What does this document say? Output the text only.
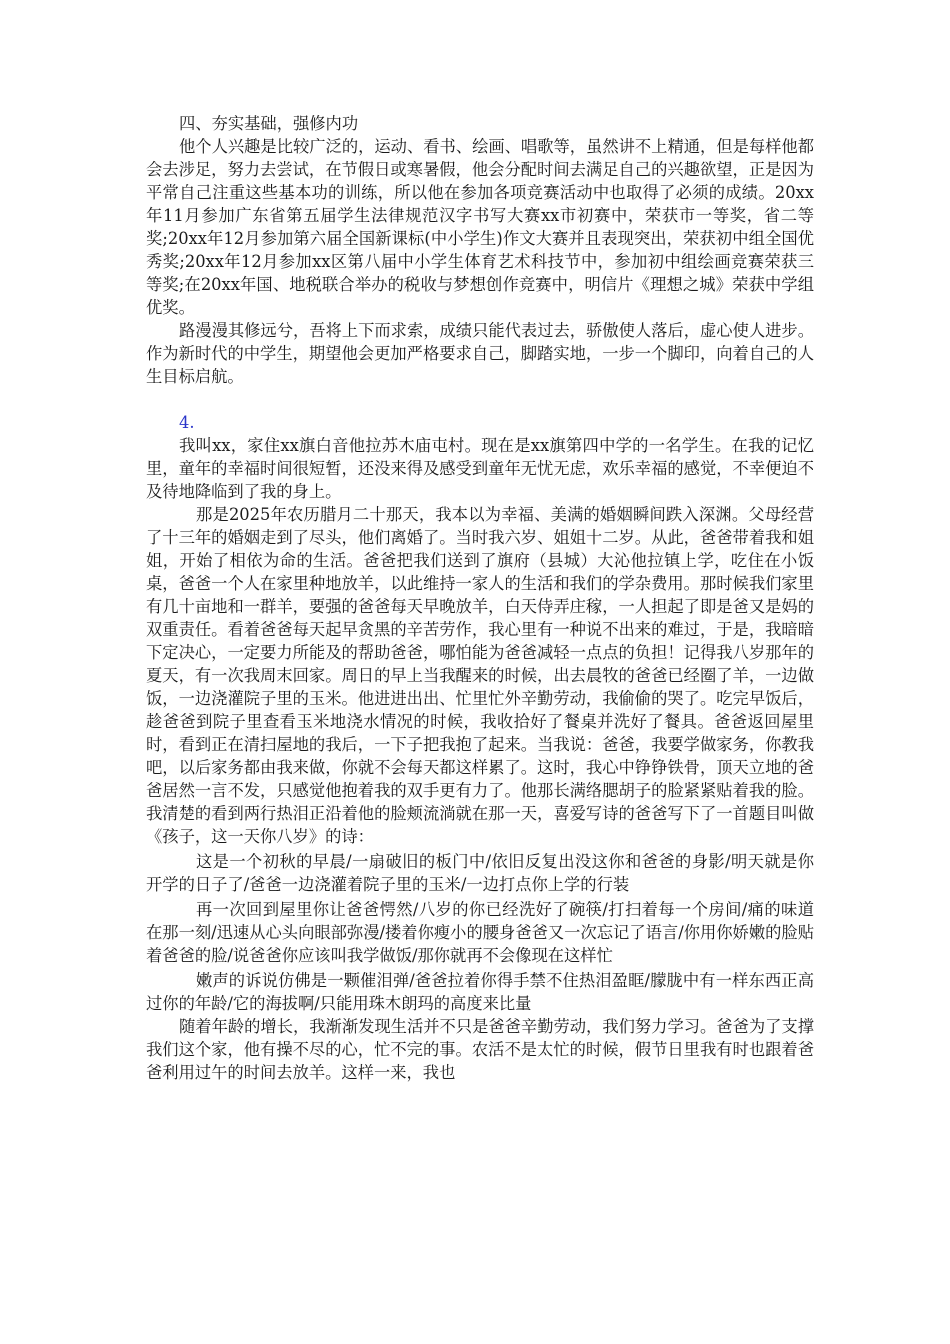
四、夯实基础，强修内功

他个人兴趣是比较广泛的，运动、看书、绘画、唱歌等，虽然讲不上精通，但是每样他都会去涉足，努力去尝试，在节假日或寒暑假，他会分配时间去满足自己的兴趣欲望，正是因为平常自己注重这些基本功的训练，所以他在参加各项竞赛活动中也取得了必须的成绩。20xx年11月参加广东省第五届学生法律规范汉字书写大赛xx市初赛中，荣获市一等奖，省二等奖;20xx年12月参加第六届全国新课标(中小学生)作文大赛并且表现突出，荣获初中组全国优秀奖;20xx年12月参加xx区第八届中小学生体育艺术科技节中，参加初中组绘画竞赛荣获三等奖;在20xx年国、地税联合举办的税收与梦想创作竞赛中，明信片《理想之城》荣获中学组优奖。

路漫漫其修远兮，吾将上下而求索，成绩只能代表过去，骄傲使人落后，虚心使人进步。作为新时代的中学生，期望他会更加严格要求自己，脚踏实地，一步一个脚印，向着自己的人生目标启航。

4.

我叫xx，家住xx旗白音他拉苏木庙屯村。现在是xx旗第四中学的一名学生。在我的记忆里，童年的幸福时间很短暂，还没来得及感受到童年无忧无虑，欢乐幸福的感觉，不幸便迫不及待地降临到了我的身上。

那是2025年农历腊月二十那天，我本以为幸福、美满的婚姻瞬间跌入深渊。父母经营了十三年的婚姻走到了尽头，他们离婚了。当时我六岁、姐姐十二岁。从此，爸爸带着我和姐姐，开始了相依为命的生活。爸爸把我们送到了旗府（县城）大沁他拉镇上学，吃住在小饭桌，爸爸一个人在家里种地放羊，以此维持一家人的生活和我们的学杂费用。那时候我们家里有几十亩地和一群羊，要强的爸爸每天早晚放羊，白天侍弄庄稼，一人担起了即是爸又是妈的双重责任。看着爸爸每天起早贪黑的辛苦劳作，我心里有一种说不出来的难过，于是，我暗暗下定决心，一定要力所能及的帮助爸爸，哪怕能为爸爸减轻一点点的负担！记得我八岁那年的夏天，有一次我周末回家。周日的早上当我醒来的时候，出去晨牧的爸爸已经圈了羊，一边做饭，一边浇灌院子里的玉米。他进进出出、忙里忙外辛勤劳动，我偷偷的哭了。吃完早饭后，趁爸爸到院子里查看玉米地浇水情况的时候，我收拾好了餐桌并洗好了餐具。爸爸返回屋里时，看到正在清扫屋地的我后，一下子把我抱了起来。当我说：爸爸，我要学做家务，你教我吧，以后家务都由我来做，你就不会每天都这样累了。这时，我心中铮铮铁骨，顶天立地的爸爸居然一言不发，只感觉他抱着我的双手更有力了。他那长满络腮胡子的脸紧紧贴着我的脸。我清楚的看到两行热泪正沿着他的脸颊流淌就在那一天，喜爱写诗的爸爸写下了一首题目叫做《孩子，这一天你八岁》的诗：

这是一个初秋的早晨/一扇破旧的板门中/依旧反复出没这你和爸爸的身影/明天就是你开学的日子了/爸爸一边浇灌着院子里的玉米/一边打点你上学的行装

再一次回到屋里你让爸爸愕然/八岁的你已经洗好了碗筷/打扫着每一个房间/痛的味道在那一刻/迅速从心头向眼部弥漫/搂着你瘦小的腰身爸爸又一次忘记了语言/你用你娇嫩的脸贴着爸爸的脸/说爸爸你应该叫我学做饭/那你就再不会像现在这样忙

嫩声的诉说仿佛是一颗催泪弹/爸爸拉着你得手禁不住热泪盈眶/朦胧中有一样东西正高过你的年龄/它的海拔啊/只能用珠木朗玛的高度来比量

随着年龄的增长，我渐渐发现生活并不只是爸爸辛勤劳动，我们努力学习。爸爸为了支撑我们这个家，他有操不尽的心，忙不完的事。农活不是太忙的时候，假节日里我有时也跟着爸爸利用过午的时间去放羊。这样一来，我也
